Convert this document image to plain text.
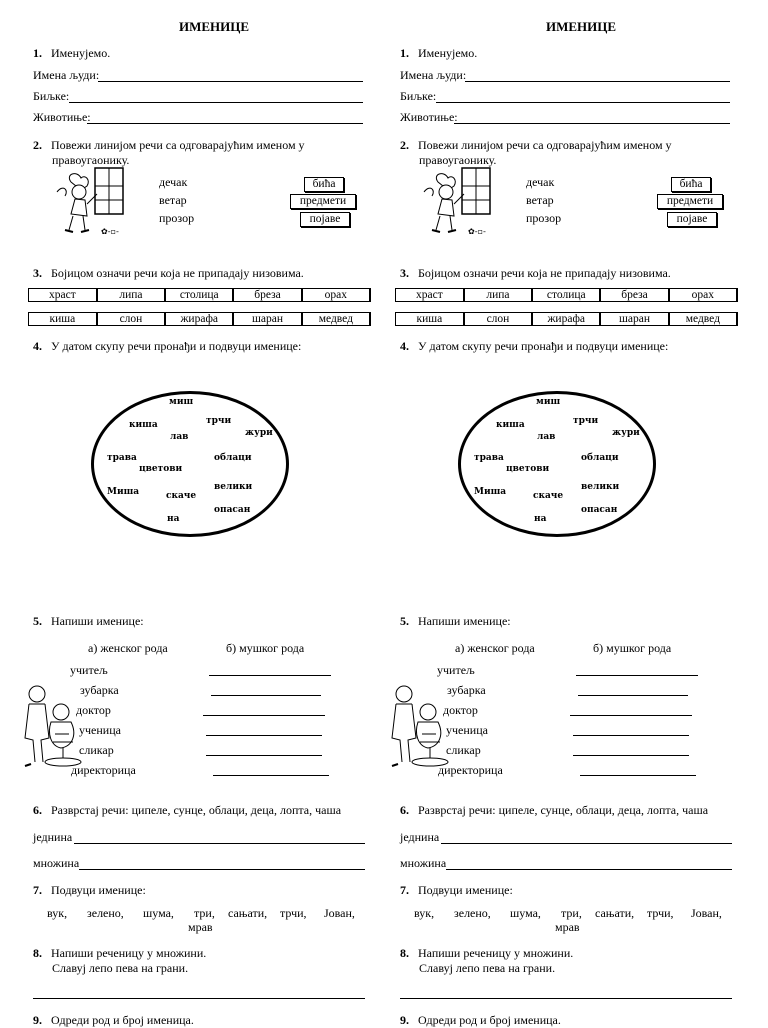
ИМЕНИЦЕ
1. Именујемо.
Имена људи:
Биљке:
Животиње:
2. Повежи линијом речи са одговарајућим именом у
правоугаонику.
✿-▫-
дечак
ветар
прозор
бића
предмети
појаве
3. Бојицом означи речи која не припадају низовима.
храст	липа	столица	бреза	орах
киша	слон	жирафа	шаран	медвед
4. У датом скупу речи пронађи и подвуци именице:
миш
киша	трчи
лав	жури
трава	облаци
цветови
велики
Миша	скаче
опасан
на
5. Напиши именице:
а) женског рода	б) мушког рода
учитељ
зубарка
доктор
ученица
сликар
директорица
6. Разврстај речи: ципеле, сунце, облаци, деца, лопта, чаша
једнина
множина
7. Подвуци именице:
вук, зелено, шума, три, сањати, трчи, Јован,
мрав
8. Напиши реченицу у множини.
Славуј лепо пева на грани.
9. Одреди род и број именица.
ИМЕНИЦЕ
1. Именујемо.
Имена људи:
Биљке:
Животиње:
2. Повежи линијом речи са одговарајућим именом у
правоугаонику.
✿-▫-
дечак
ветар
прозор
бића
предмети
појаве
3. Бојицом означи речи која не припадају низовима.
храст	липа	столица	бреза	орах
киша	слон	жирафа	шаран	медвед
4. У датом скупу речи пронађи и подвуци именице:
миш
киша	трчи
лав	жури
трава	облаци
цветови
велики
Миша	скаче
опасан
на
5. Напиши именице:
а) женског рода	б) мушког рода
учитељ
зубарка
доктор
ученица
сликар
директорица
6. Разврстај речи: ципеле, сунце, облаци, деца, лопта, чаша
једнина
множина
7. Подвуци именице:
вук, зелено, шума, три, сањати, трчи, Јован,
мрав
8. Напиши реченицу у множини.
Славуј лепо пева на грани.
9. Одреди род и број именица.
